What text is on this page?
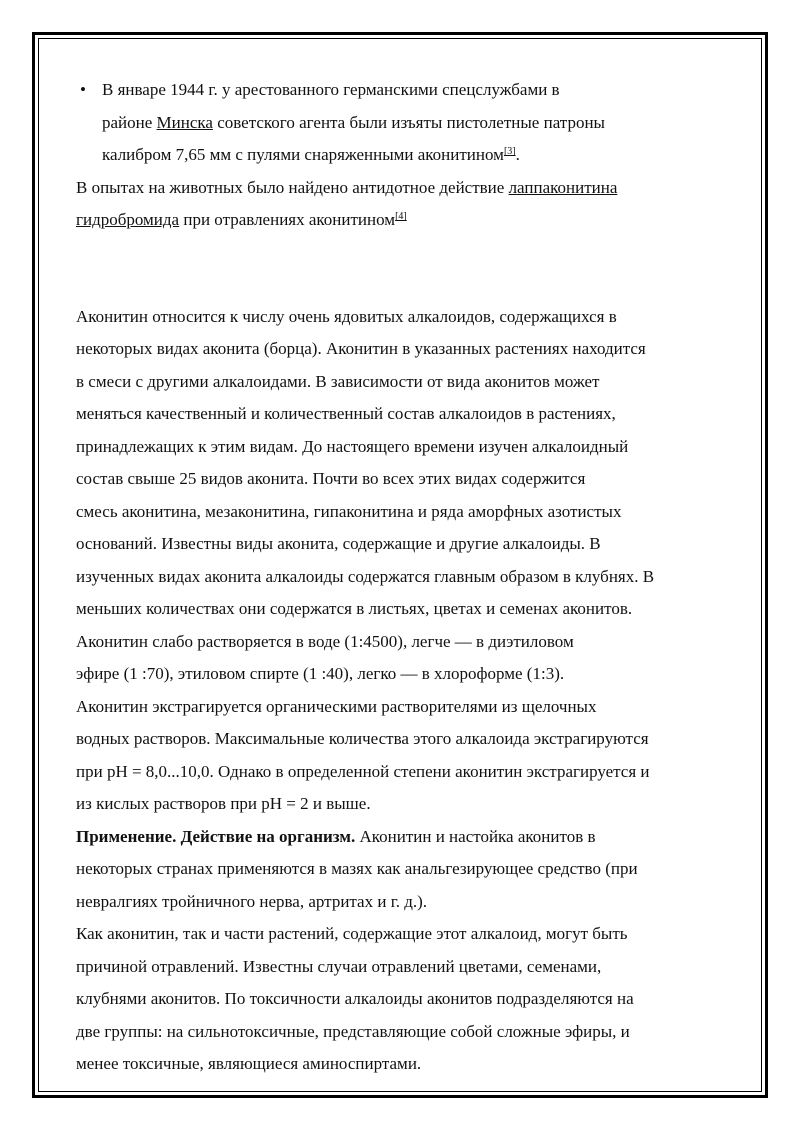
• В январе 1944 г. у арестованного германскими спецслужбами в
районе Минска советского агента были изъяты пистолетные патроны
калибром 7,65 мм с пулями снаряженными аконитином[3].
В опытах на животных было найдено антидотное действие лаппаконитина
гидробромида при отравлениях аконитином[4]
Аконитин относится к числу очень ядовитых алкалоидов, содержащихся в
некоторых видах аконита (борца). Аконитин в указанных растениях находится
в смеси с другими алкалоидами. В зависимости от вида аконитов может
меняться качественный и количественный состав алкалоидов в растениях,
принадлежащих к этим видам. До настоящего времени изучен алкалоидный
состав свыше 25 видов аконита. Почти во всех этих видах содержится
смесь аконитина, мезаконитина, гипаконитина и ряда аморфных азотистых
оснований. Известны виды аконита, содержащие и другие алкалоиды. В
изученных видах аконита алкалоиды содержатся главным образом в клубнях. В
меньших количествах они содержатся в листьях, цветах и семенах аконитов.
Аконитин слабо растворяется в воде (1:4500), легче — в диэтиловом
эфире (1 :70), этиловом спирте (1 :40), легко — в хлороформе (1:3).
Аконитин экстрагируется органическими растворителями из щелочных
водных растворов. Максимальные количества этого алкалоида экстрагируются
при pH = 8,0...10,0. Однако в определенной степени аконитин экстрагируется и
из кислых растворов при pH = 2 и выше.
Применение. Действие на организм. Аконитин и настойка аконитов в
некоторых странах применяются в мазях как анальгезирующее средство (при
невралгиях тройничного нерва, артритах и г. д.).
Как аконитин, так и части растений, содержащие этот алкалоид, могут быть
причиной отравлений. Известны случаи отравлений цветами, семенами,
клубнями аконитов. По токсичности алкалоиды аконитов подразделяются на
две группы: на сильнотоксичные, представляющие собой сложные эфиры, и
менее токсичные, являющиеся аминоспиртами.
